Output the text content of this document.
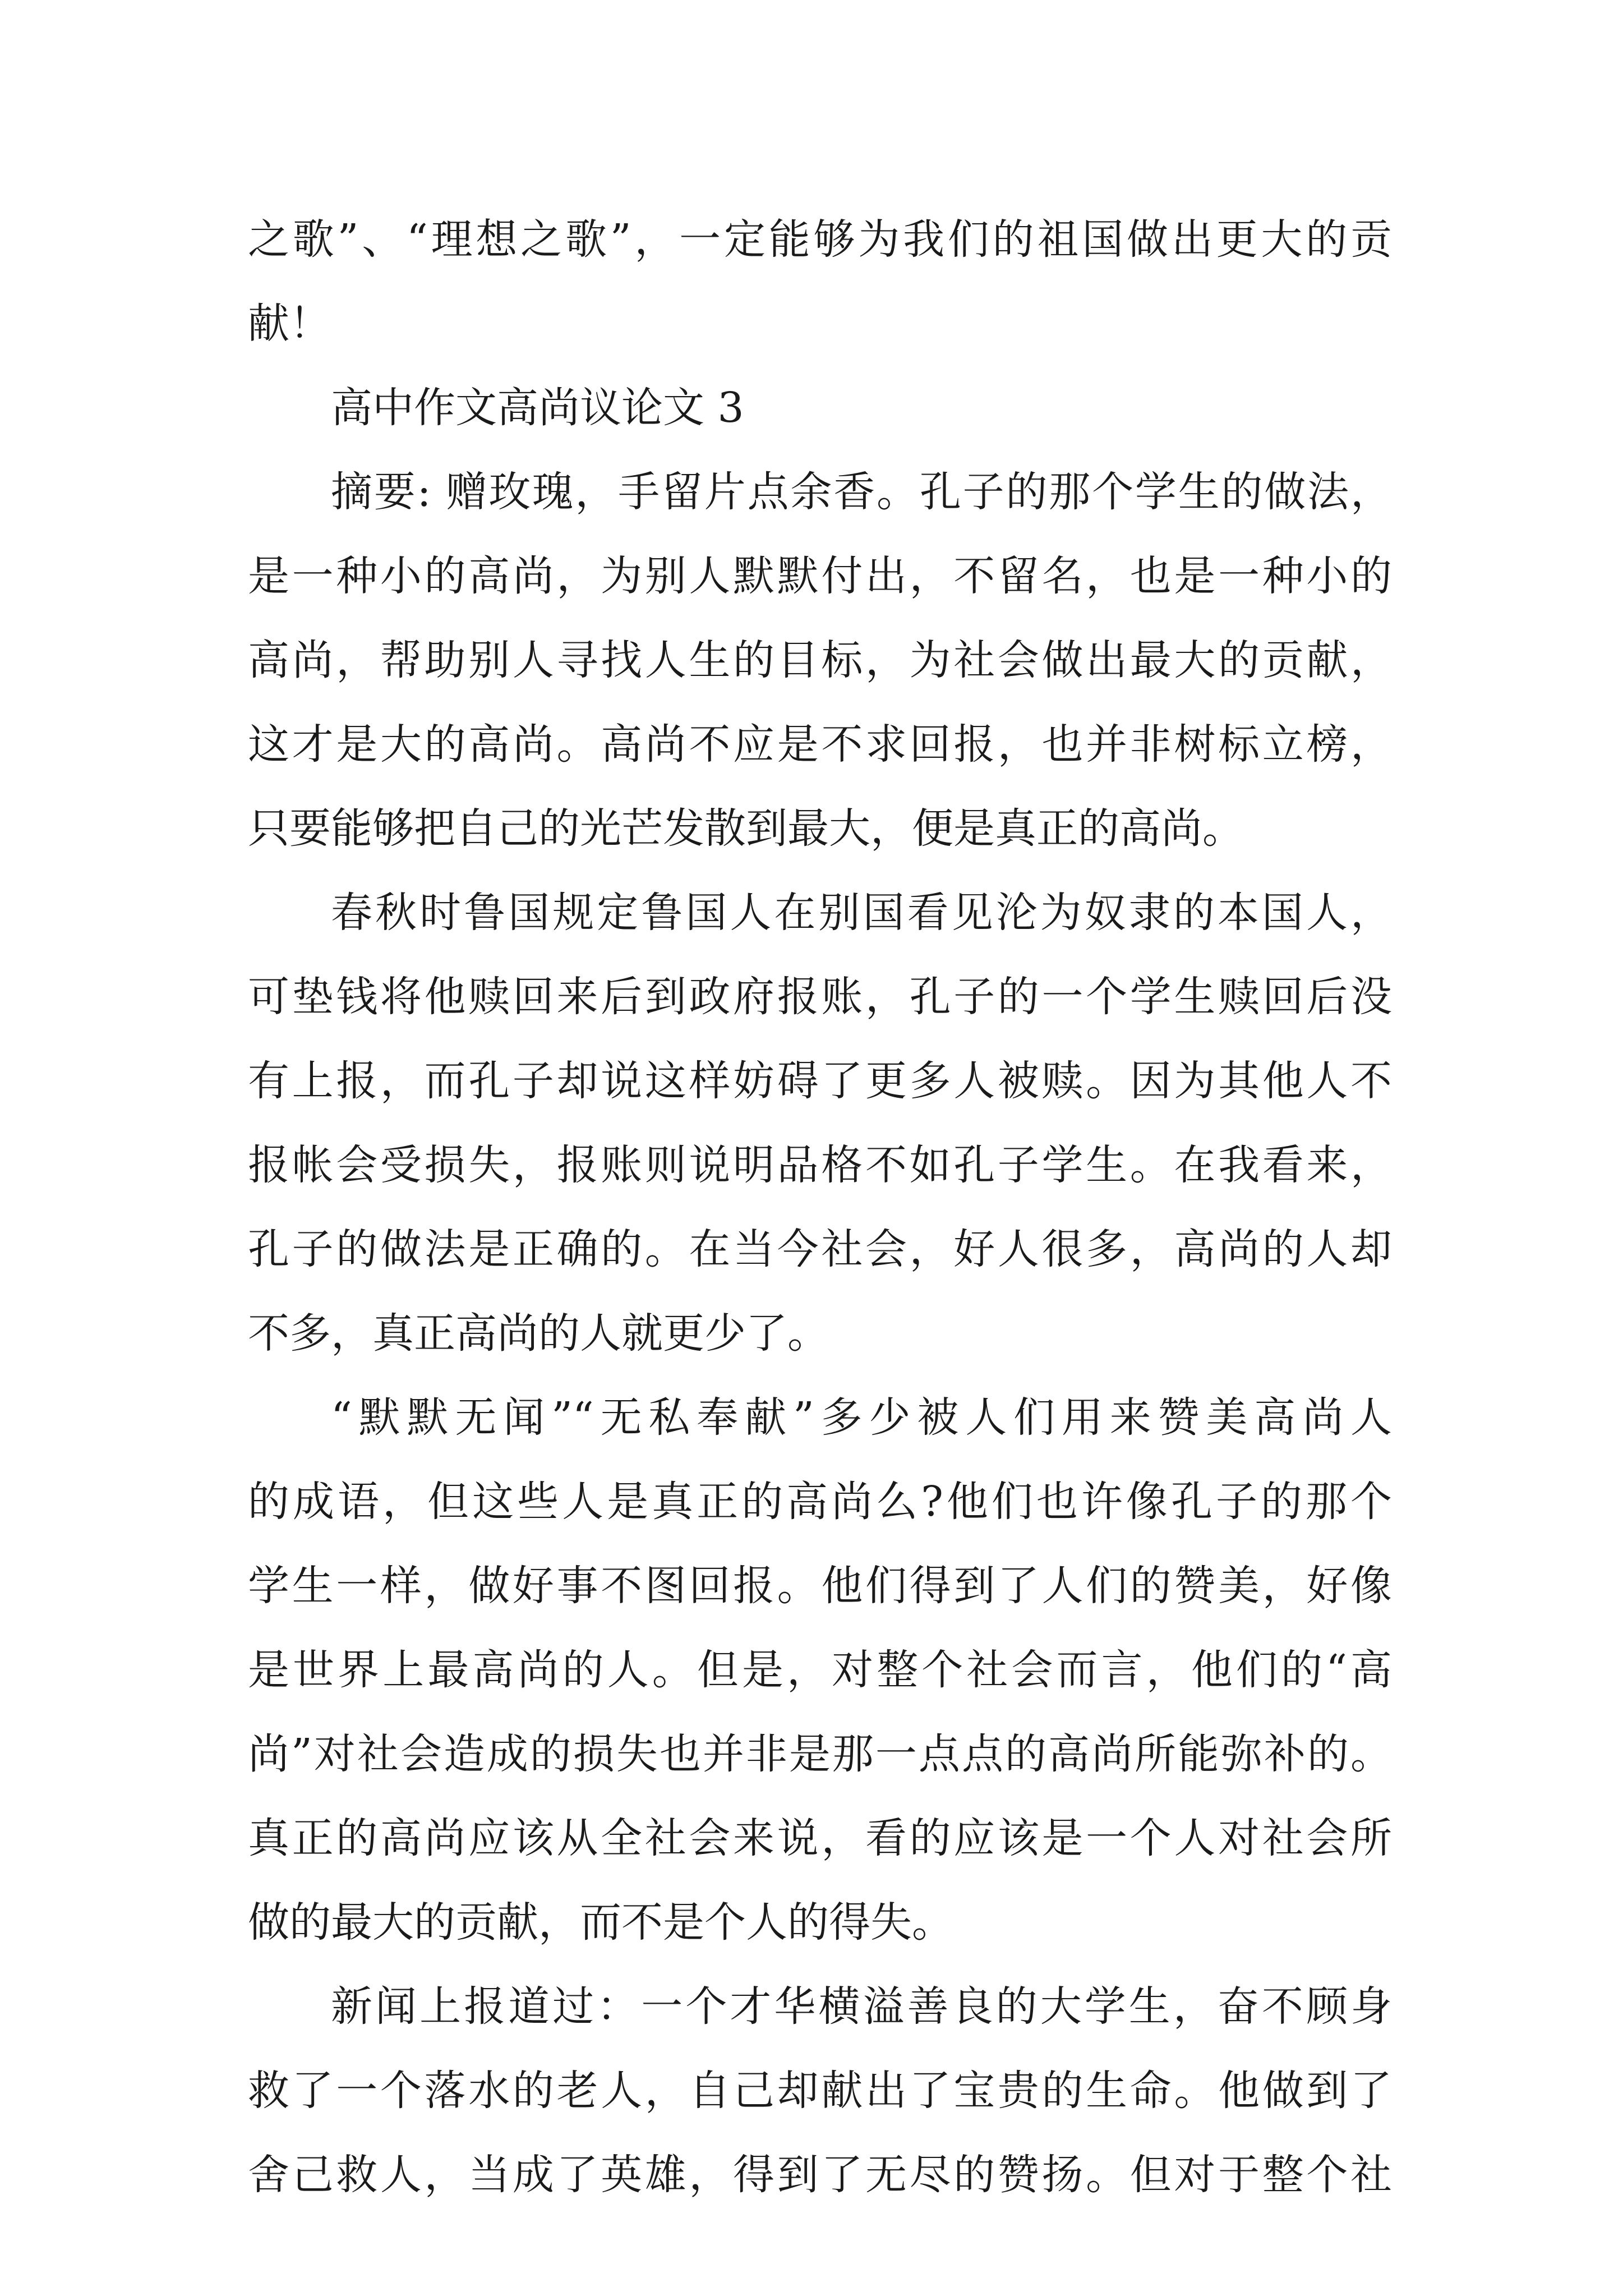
之歌”、“理想之歌”，一定能够为我们的祖国做出更大的贡
献！
高中作文高尚议论文 3
摘要: 赠玫瑰，手留片点余香。孔子的那个学生的做法，
是一种小的高尚，为别人默默付出，不留名，也是一种小的
高尚，帮助别人寻找人生的目标，为社会做出最大的贡献，
这才是大的高尚。高尚不应是不求回报，也并非树标立榜，
只要能够把自己的光芒发散到最大，便是真正的高尚。
春秋时鲁国规定鲁国人在别国看见沦为奴隶的本国人，
可垫钱将他赎回来后到政府报账，孔子的一个学生赎回后没
有上报，而孔子却说这样妨碍了更多人被赎。因为其他人不
报帐会受损失，报账则说明品格不如孔子学生。在我看来，
孔子的做法是正确的。在当今社会，好人很多，高尚的人却
不多，真正高尚的人就更少了。
“默默无闻”“无私奉献”多少被人们用来赞美高尚人
的成语，但这些人是真正的高尚么?他们也许像孔子的那个
学生一样，做好事不图回报。他们得到了人们的赞美，好像
是世界上最高尚的人。但是，对整个社会而言，他们的“高
尚”对社会造成的损失也并非是那一点点的高尚所能弥补的。
真正的高尚应该从全社会来说，看的应该是一个人对社会所
做的最大的贡献，而不是个人的得失。
新闻上报道过：一个才华横溢善良的大学生，奋不顾身
救了一个落水的老人，自己却献出了宝贵的生命。他做到了
舍己救人，当成了英雄，得到了无尽的赞扬。但对于整个社
